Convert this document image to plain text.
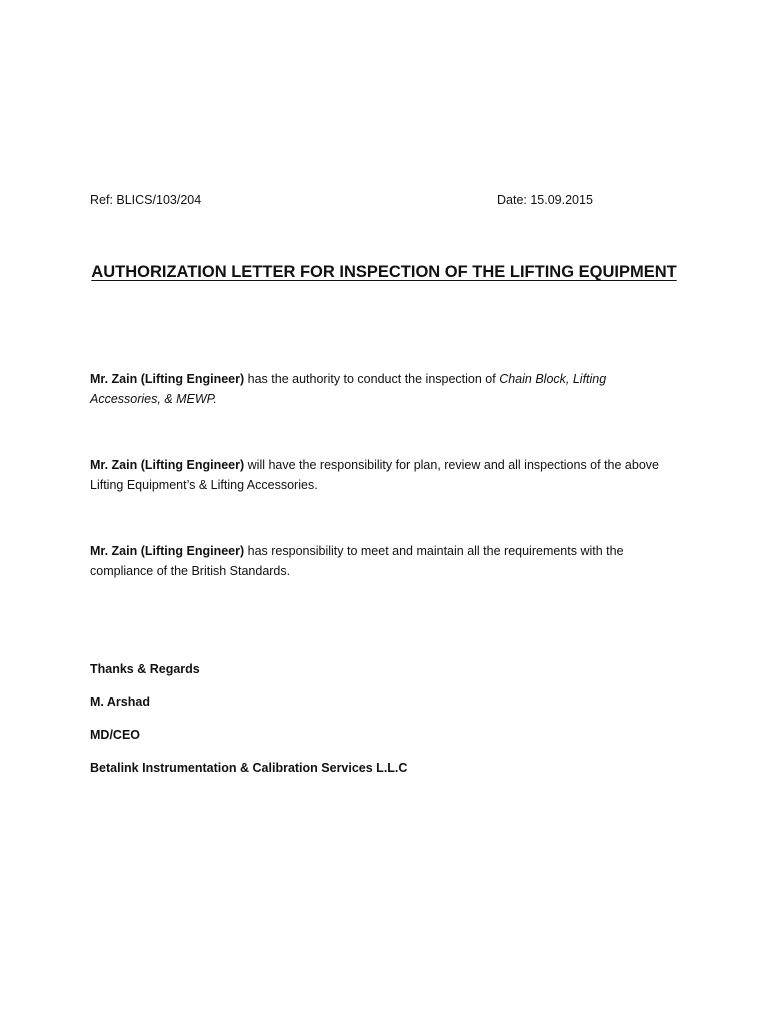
Ref: BLICS/103/204	Date: 15.09.2015
AUTHORIZATION LETTER FOR INSPECTION OF THE LIFTING EQUIPMENT
Mr. Zain (Lifting Engineer) has the authority to conduct the inspection of Chain Block, Lifting Accessories, & MEWP.
Mr. Zain (Lifting Engineer) will have the responsibility for plan, review and all inspections of the above Lifting Equipment’s & Lifting Accessories.
Mr. Zain (Lifting Engineer) has responsibility to meet and maintain all the requirements with the compliance of the British Standards.
Thanks & Regards
M. Arshad
MD/CEO
Betalink Instrumentation & Calibration Services L.L.C
